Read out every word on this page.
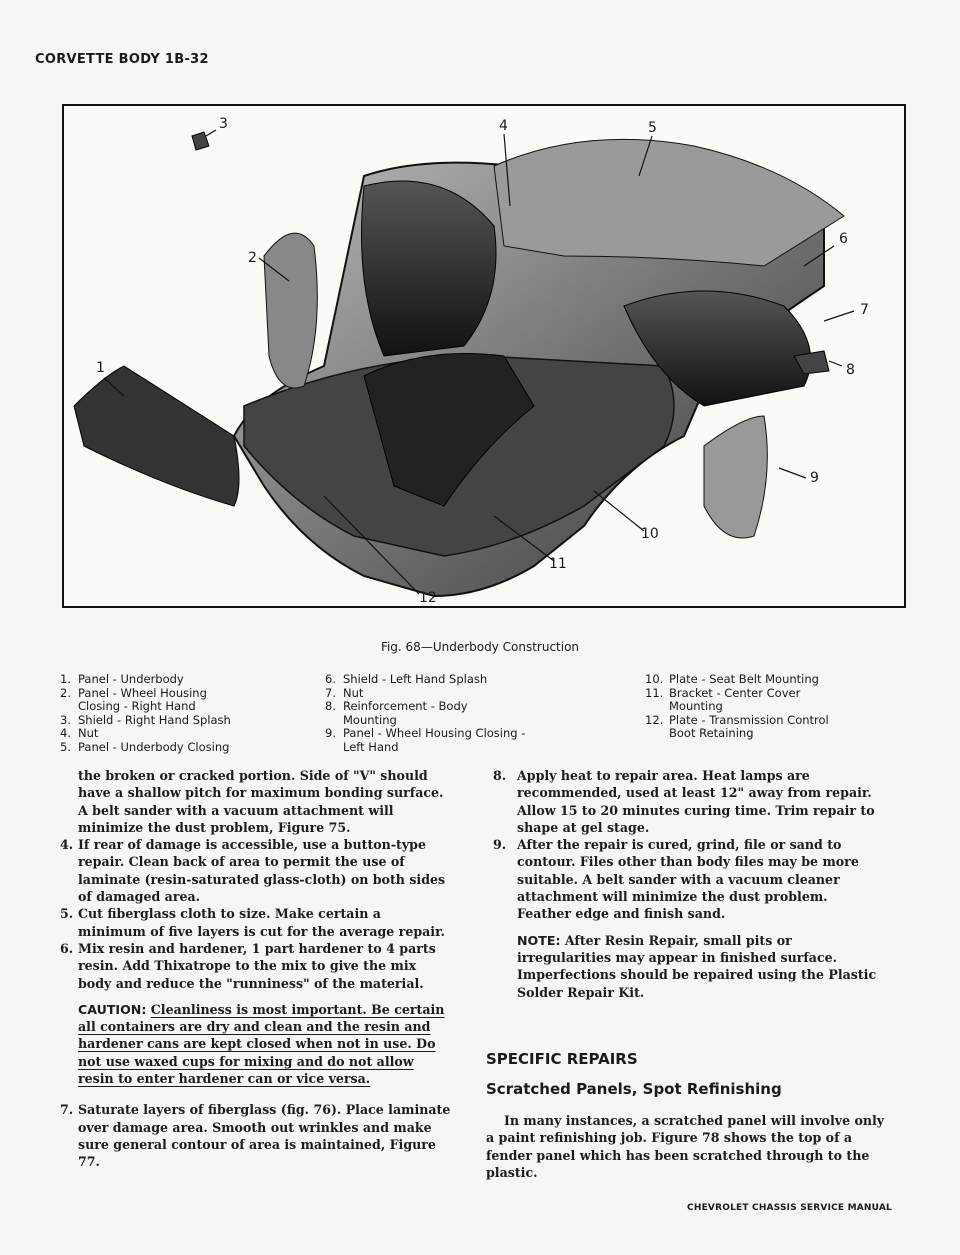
CORVETTE BODY 1B-32
1
2
3	4	5
6
7
8
9
10
11
12
Fig. 68—Underbody Construction
1. Panel - Underbody
2. Panel - Wheel Housing Closing - Right Hand
3. Shield - Right Hand Splash
4. Nut
5. Panel - Underbody Closing
6. Shield - Left Hand Splash
7. Nut
8. Reinforcement - Body Mounting
9. Panel - Wheel Housing Closing - Left Hand
10. Plate - Seat Belt Mounting
11. Bracket - Center Cover Mounting
12. Plate - Transmission Control Boot Retaining

the broken or cracked portion. Side of "V" should have a shallow pitch for maximum bonding surface. A belt sander with a vacuum attachment will minimize the dust problem, Figure 75.

4. If rear of damage is accessible, use a button-type repair. Clean back of area to permit the use of laminate (resin-saturated glass-cloth) on both sides of damaged area.
5. Cut fiberglass cloth to size. Make certain a minimum of five layers is cut for the average repair.
6. Mix resin and hardener, 1 part hardener to 4 parts resin. Add Thixatrope to the mix to give the mix body and reduce the "runniness" of the material.

CAUTION: Cleanliness is most important. Be certain all containers are dry and clean and the resin and hardener cans are kept closed when not in use. Do not use waxed cups for mixing and do not allow resin to enter hardener can or vice versa.

7. Saturate layers of fiberglass (fig. 76). Place laminate over damage area. Smooth out wrinkles and make sure general contour of area is maintained, Figure 77.
8. Apply heat to repair area. Heat lamps are recommended, used at least 12" away from repair. Allow 15 to 20 minutes curing time. Trim repair to shape at gel stage.
9. After the repair is cured, grind, file or sand to contour. Files other than body files may be more suitable. A belt sander with a vacuum cleaner attachment will minimize the dust problem. Feather edge and finish sand.

NOTE: After Resin Repair, small pits or irregularities may appear in finished surface. Imperfections should be repaired using the Plastic Solder Repair Kit.

SPECIFIC REPAIRS
Scratched Panels, Spot Refinishing
In many instances, a scratched panel will involve only a paint refinishing job. Figure 78 shows the top of a fender panel which has been scratched through to the plastic.
CHEVROLET CHASSIS SERVICE MANUAL
